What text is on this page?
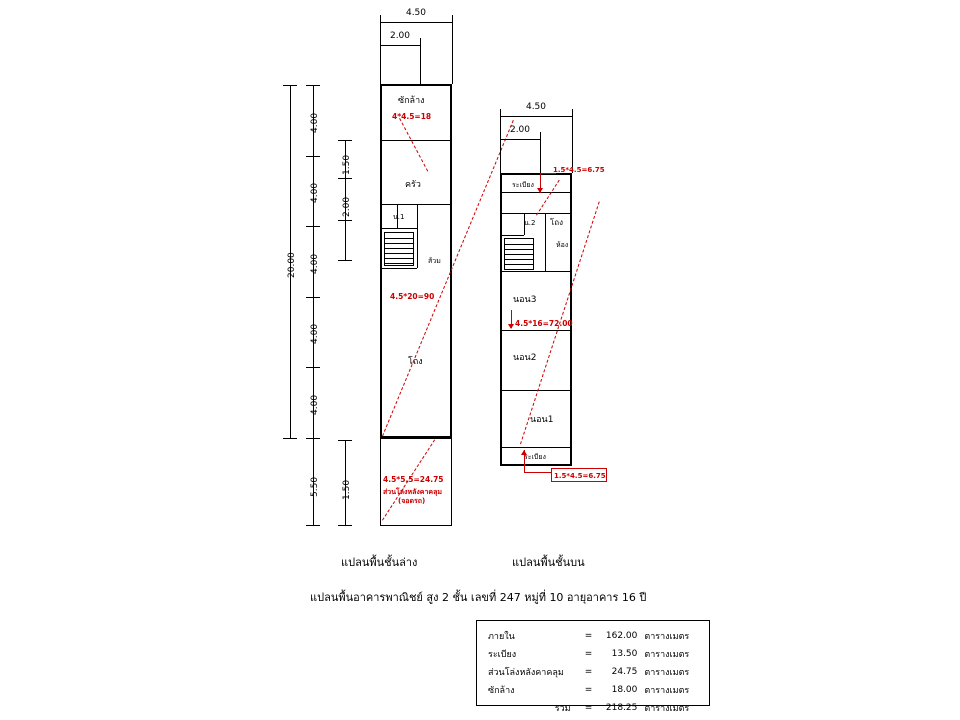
4.50
2.00
20.00
4.00
4.00
4.00
4.00
4.00
5.50
1.50
2.00
1.50
ซักล้าง
ครัว
น.1
ส้วม
โถง
4*4.5=18
4.5*20=90
4.5*5.5=24.75
ส่วนโล่งหลังคาคลุม
(จอดรถ)
แปลนพื้นชั้นล่าง
4.50
2.00
ระเบียง
น.2 โถง
ห้อง
นอน3
นอน2
นอน1
ระเบียง
1.5*4.5=6.75
4.5*16=72.00
1.5*4.5=6.75
แปลนพื้นชั้นบน
แปลนพื้นอาคารพาณิชย์ สูง 2 ชั้น เลขที่ 247 หมู่ที่ 10 อายุอาคาร 16 ปี
ภายใน	=	162.00	ตารางเมตร
ระเบียง	=	13.50	ตารางเมตร
ส่วนโล่งหลังคาคลุม	=	24.75	ตารางเมตร
ซักล้าง	=	18.00	ตารางเมตร
รวม	=	218.25	ตารางเมตร
